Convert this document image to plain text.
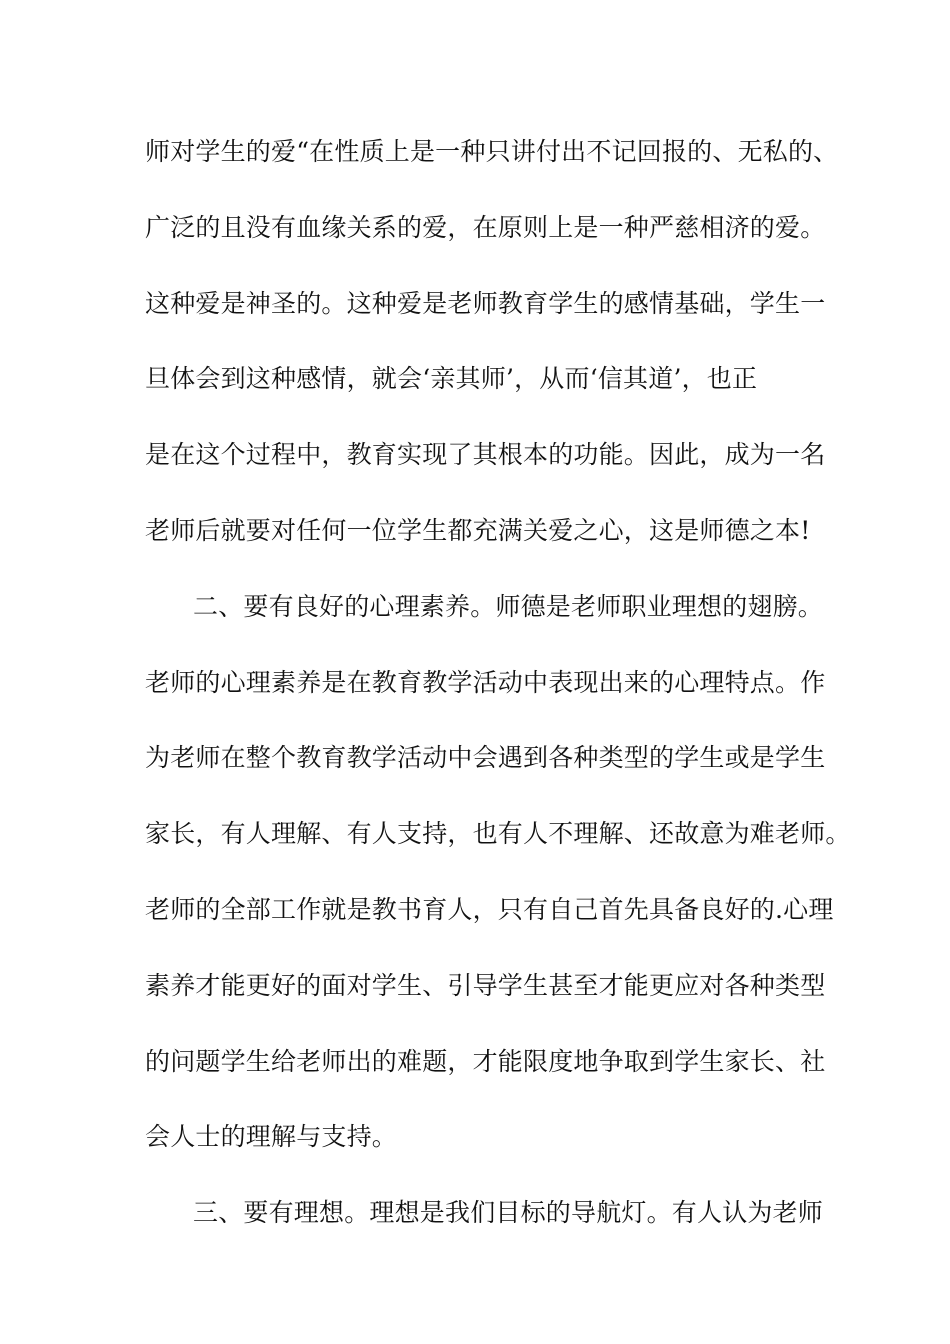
师对学生的爱“在性质上是一种只讲付出不记回报的、无私的、
广泛的且没有血缘关系的爱，在原则上是一种严慈相济的爱。
这种爱是神圣的。这种爱是老师教育学生的感情基础，学生一
旦体会到这种感情，就会‘亲其师’，从而‘信其道’，也正
是在这个过程中，教育实现了其根本的功能。因此，成为一名
老师后就要对任何一位学生都充满关爱之心，这是师德之本!
二、要有良好的心理素养。师德是老师职业理想的翅膀。
老师的心理素养是在教育教学活动中表现出来的心理特点。作
为老师在整个教育教学活动中会遇到各种类型的学生或是学生
家长，有人理解、有人支持，也有人不理解、还故意为难老师。
老师的全部工作就是教书育人，只有自己首先具备良好的.心理
素养才能更好的面对学生、引导学生甚至才能更应对各种类型
的问题学生给老师出的难题，才能限度地争取到学生家长、社
会人士的理解与支持。
三、要有理想。理想是我们目标的导航灯。有人认为老师
